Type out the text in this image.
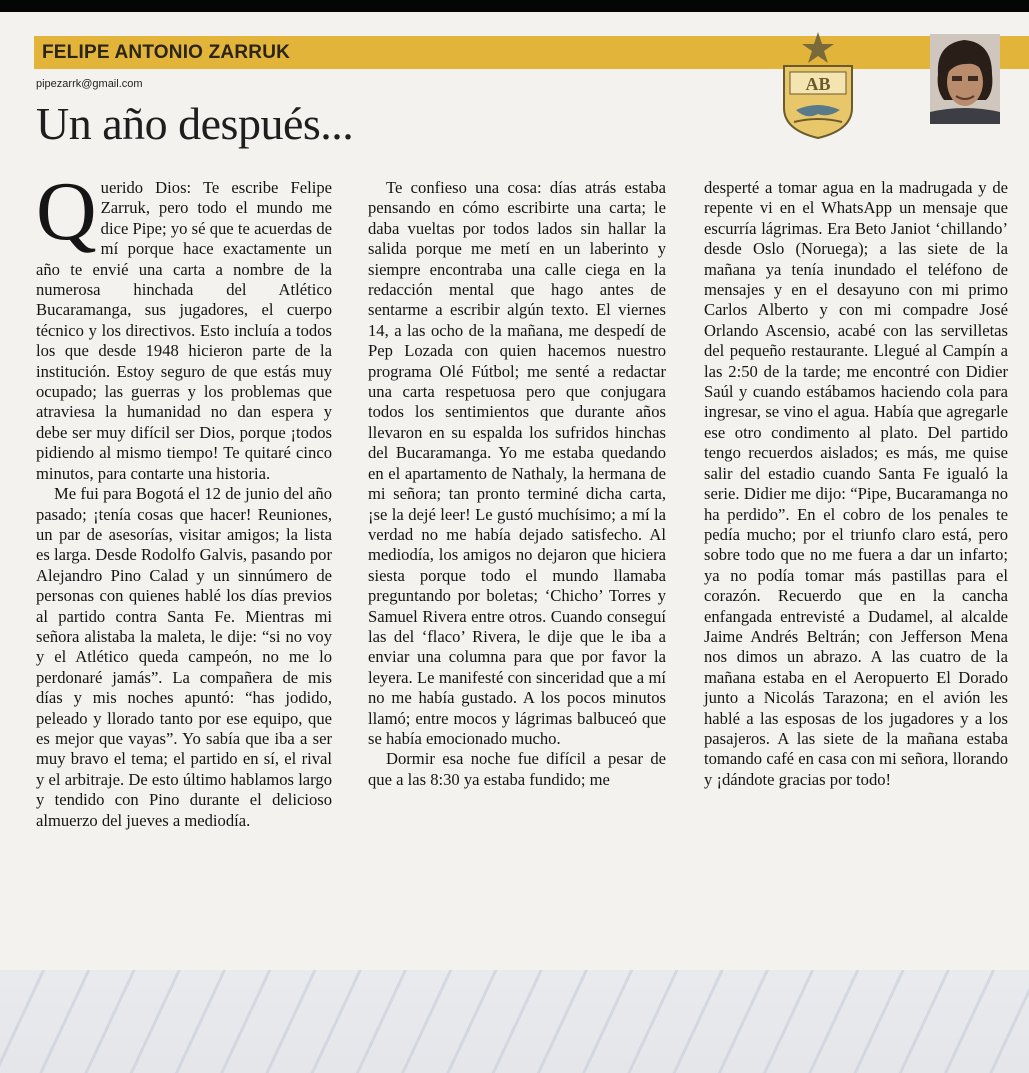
FELIPE ANTONIO ZARRUK
pipezarrk@gmail.com
Un año después...
AB

Querido Dios: Te escribe Felipe Zarruk, pero todo el mundo me dice Pipe; yo sé que te acuerdas de mí porque hace exactamente un año te envié una carta a nombre de la numerosa hinchada del Atlético Bucaramanga, sus jugadores, el cuerpo técnico y los directivos. Esto incluía a todos los que desde 1948 hicieron parte de la institución. Estoy seguro de que estás muy ocupado; las guerras y los problemas que atraviesa la humanidad no dan espera y debe ser muy difícil ser Dios, porque ¡todos pidiendo al mismo tiempo! Te quitaré cinco minutos, para contarte una historia.

Me fui para Bogotá el 12 de junio del año pasado; ¡tenía cosas que hacer! Reuniones, un par de asesorías, visitar amigos; la lista es larga. Desde Rodolfo Galvis, pasando por Alejandro Pino Calad y un sinnúmero de personas con quienes hablé los días previos al partido contra Santa Fe. Mientras mi señora alistaba la maleta, le dije: “si no voy y el Atlético queda campeón, no me lo perdonaré jamás”. La compañera de mis días y mis noches apuntó: “has jodido, peleado y llorado tanto por ese equipo, que es mejor que vayas”. Yo sabía que iba a ser muy bravo el tema; el partido en sí, el rival y el arbitraje. De esto último hablamos largo y tendido con Pino durante el delicioso almuerzo del jueves a mediodía.

Te confieso una cosa: días atrás estaba pensando en cómo escribirte una carta; le daba vueltas por todos lados sin hallar la salida porque me metí en un laberinto y siempre encontraba una calle ciega en la redacción mental que hago antes de sentarme a escribir algún texto. El viernes 14, a las ocho de la mañana, me despedí de Pep Lozada con quien hacemos nuestro programa Olé Fútbol; me senté a redactar una carta respetuosa pero que conjugara todos los sentimientos que durante años llevaron en su espalda los sufridos hinchas del Bucaramanga. Yo me estaba quedando en el apartamento de Nathaly, la hermana de mi señora; tan pronto terminé dicha carta, ¡se la dejé leer! Le gustó muchísimo; a mí la verdad no me había dejado satisfecho. Al mediodía, los amigos no dejaron que hiciera siesta porque todo el mundo llamaba preguntando por boletas; ‘Chicho’ Torres y Samuel Rivera entre otros. Cuando conseguí las del ‘flaco’ Rivera, le dije que le iba a enviar una columna para que por favor la leyera. Le manifesté con sinceridad que a mí no me había gustado. A los pocos minutos llamó; entre mocos y lágrimas balbuceó que se había emocionado mucho.

Dormir esa noche fue difícil a pesar de que a las 8:30 ya estaba fundido; me

desperté a tomar agua en la madrugada y de repente vi en el WhatsApp un mensaje que escurría lágrimas. Era Beto Janiot ‘chillando’ desde Oslo (Noruega); a las siete de la mañana ya tenía inundado el teléfono de mensajes y en el desayuno con mi primo Carlos Alberto y con mi compadre José Orlando Ascensio, acabé con las servilletas del pequeño restaurante. Llegué al Campín a las 2:50 de la tarde; me encontré con Didier Saúl y cuando estábamos haciendo cola para ingresar, se vino el agua. Había que agregarle ese otro condimento al plato. Del partido tengo recuerdos aislados; es más, me quise salir del estadio cuando Santa Fe igualó la serie. Didier me dijo: “Pipe, Bucaramanga no ha perdido”. En el cobro de los penales te pedía mucho; por el triunfo claro está, pero sobre todo que no me fuera a dar un infarto; ya no podía tomar más pastillas para el corazón. Recuerdo que en la cancha enfangada entrevisté a Dudamel, al alcalde Jaime Andrés Beltrán; con Jefferson Mena nos dimos un abrazo. A las cuatro de la mañana estaba en el Aeropuerto El Dorado junto a Nicolás Tarazona; en el avión les hablé a las esposas de los jugadores y a los pasajeros. A las siete de la mañana estaba tomando café en casa con mi señora, llorando y ¡dándote gracias por todo!
